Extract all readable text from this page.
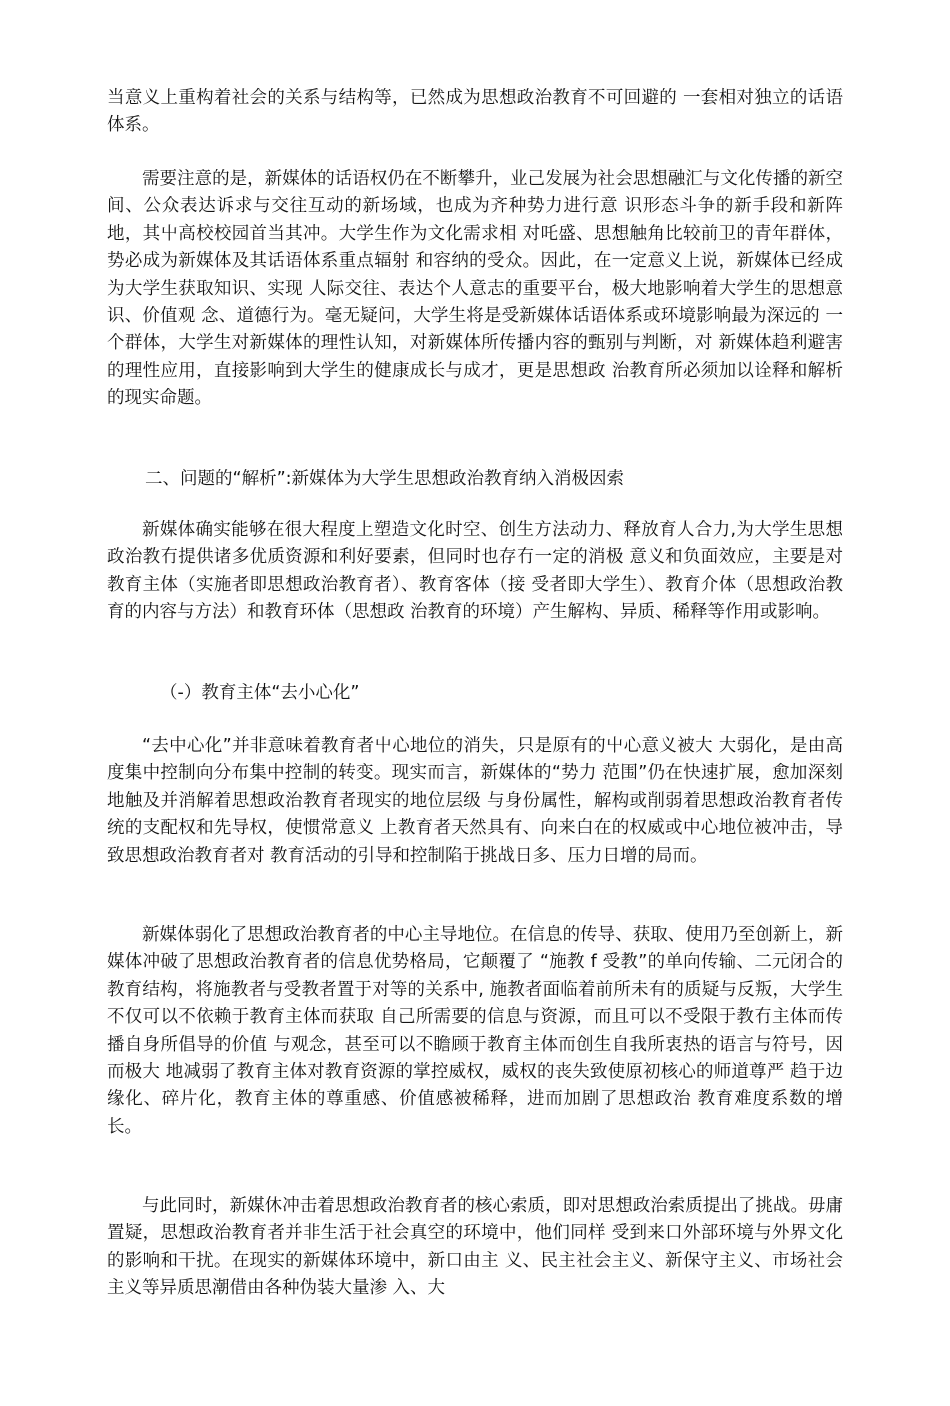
当意义上重构着社会的关系与结构等，已然成为思想政治教育不可回避的 一套相对独立的话语体系。

需要注意的是，新媒体的话语权仍在不断攀升，业己发展为社会思想融汇与文化传播的新空间、公众表达诉求与交往互动的新场域，也成为齐种势力进行意 识形态斗争的新手段和新阵地，其屮高校校园首当其冲。大学生作为文化需求相 对吒盛、思想触角比较前卫的青年群体，势必成为新媒体及其话语体系重点辐射 和容纳的受众。因此，在一定意义上说，新媒体已经成为大学生获取知识、实现 人际交往、表达个人意志的重要平台，极大地影响着大学生的思想意识、价值观 念、道德行为。毫无疑问，大学生将是受新媒体话语体系或环境影响最为深远的 一个群体，大学生对新媒体的理性认知，对新媒体所传播内容的甄别与判断，对 新媒体趋利避害的理性应用，直接影响到大学生的健康成长与成才，更是思想政 治教育所必须加以诠释和解析的现实命题。

二、问题的“解析”:新媒体为大学生思想政治教育纳入消极因索

新媒体确实能够在很大程度上塑造文化时空、创生方法动力、释放育人合力,为大学生思想政治教冇提供诸多优质资源和利好要素，但同时也存冇一定的消极 意义和负面效应，主要是对教育主体（实施者即思想政治教育者）、教育客体（接 受者即大学生）、教育介体（思想政治教育的内容与方法）和教育环体（思想政 治教育的环境）产生解构、异质、稀释等作用或影响。

（-）教育主体“去小心化”

“去中心化”并非意味着教育者屮心地位的消失，只是原有的屮心意义被大 大弱化，是由高度集中控制向分布集中控制的转变。现实而言，新媒体的“势力 范围”仍在快速扩展，愈加深刻地触及并消解着思想政治教育者现实的地位层级 与身份属性，解构或削弱着思想政治教育者传统的支配权和先导权，使惯常意义 上教育者天然具有、向来白在的权威或中心地位被冲击，导致思想政治教育者对 教育活动的引导和控制陷于挑战日多、压力日增的局而。

新媒体弱化了思想政治教育者的中心主导地位。在信息的传导、获取、使用乃至创新上，新媒体冲破了思想政治教育者的信息优势格局，它颠覆了 “施教 f 受教”的单向传输、二元闭合的教育结构，将施教者与受教者置于对等的关系中, 施教者面临着前所未有的质疑与反叛，大学生不仅可以不依赖于教育主体而获取 自己所需要的信息与资源，而且可以不受限于教冇主体而传播自身所倡导的价值 与观念，甚至可以不瞻顾于教育主体而创生自我所衷热的语言与符号，因而极大 地减弱了教育主体对教育资源的掌控威权，威权的丧失致使原初核心的师道尊严 趋于边缘化、碎片化，教育主体的尊重感、价值感被稀释，进而加剧了思想政治 教育难度系数的增长。

与此同时，新媒休冲击着思想政治教育者的核心索质，即对思想政治索质提出了挑战。毋庸置疑，思想政治教育者并非生活于社会真空的环境中，他们同样 受到来口外部环境与外界文化的影响和干扰。在现实的新媒体环境中，新口由主 义、民主社会主义、新保守主义、市场社会主义等异质思潮借由各种伪装大量渗 入、大
